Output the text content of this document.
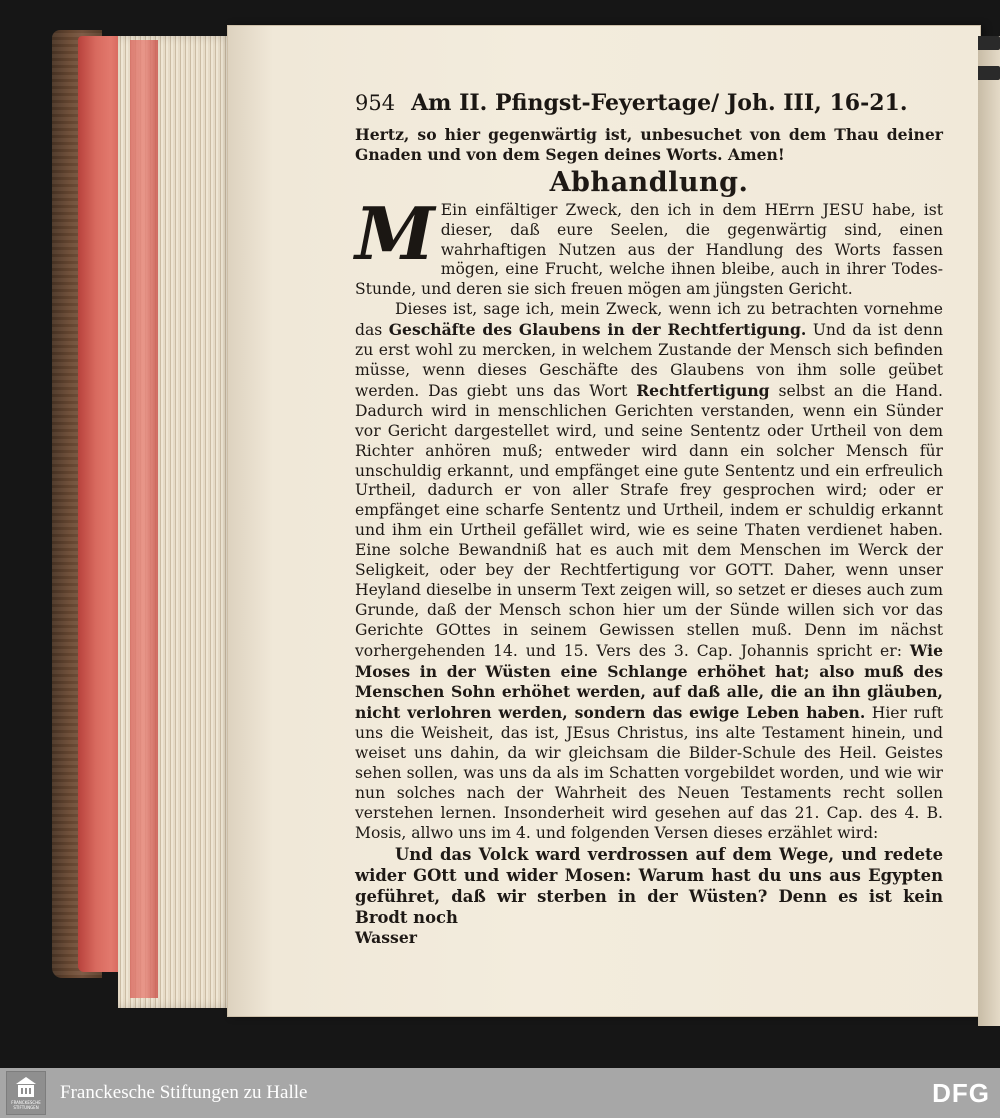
954 Am II. Pfingst-Feyertage/ Joh. III, 16-21.

Hertz, so hier gegenwärtig ist, unbesuchet von dem Thau deiner Gnaden und von dem Segen deines Worts. Amen!

Abhandlung.

M Ein einfältiger Zweck, den ich in dem HErrn JESU habe, ist dieser, daß eure Seelen, die gegenwärtig sind, einen wahrhaftigen Nutzen aus der Handlung des Worts fassen mögen, eine Frucht, welche ihnen bleibe, auch in ihrer Todes-Stunde, und deren sie sich freuen mögen am jüngsten Gericht.

Dieses ist, sage ich, mein Zweck, wenn ich zu betrachten vornehme das Geschäfte des Glaubens in der Rechtfertigung. Und da ist denn zu erst wohl zu mercken, in welchem Zustande der Mensch sich befinden müsse, wenn dieses Geschäfte des Glaubens von ihm solle geübet werden. Das giebt uns das Wort Rechtfertigung selbst an die Hand. Dadurch wird in menschlichen Gerichten verstanden, wenn ein Sünder vor Gericht dargestellet wird, und seine Sententz oder Urtheil von dem Richter anhören muß; entweder wird dann ein solcher Mensch für unschuldig erkannt, und empfänget eine gute Sententz und ein erfreulich Urtheil, dadurch er von aller Strafe frey gesprochen wird; oder er empfänget eine scharfe Sententz und Urtheil, indem er schuldig erkannt und ihm ein Urtheil gefället wird, wie es seine Thaten verdienet haben. Eine solche Bewandniß hat es auch mit dem Menschen im Werck der Seligkeit, oder bey der Rechtfertigung vor GOTT. Daher, wenn unser Heyland dieselbe in unserm Text zeigen will, so setzet er dieses auch zum Grunde, daß der Mensch schon hier um der Sünde willen sich vor das Gerichte GOttes in seinem Gewissen stellen muß. Denn im nächst vorhergehenden 14. und 15. Vers des 3. Cap. Johannis spricht er: Wie Moses in der Wüsten eine Schlange erhöhet hat; also muß des Menschen Sohn erhöhet werden, auf daß alle, die an ihn gläuben, nicht verlohren werden, sondern das ewige Leben haben. Hier ruft uns die Weisheit, das ist, JEsus Christus, ins alte Testament hinein, und weiset uns dahin, da wir gleichsam die Bilder-Schule des Heil. Geistes sehen sollen, was uns da als im Schatten vorgebildet worden, und wie wir nun solches nach der Wahrheit des Neuen Testaments recht sollen verstehen lernen. Insonderheit wird gesehen auf das 21. Cap. des 4. B. Mosis, allwo uns im 4. und folgenden Versen dieses erzählet wird:

Und das Volck ward verdrossen auf dem Wege, und redete wider GOtt und wider Mosen: Warum hast du uns aus Egypten geführet, daß wir sterben in der Wüsten? Denn es ist kein Brodt noch

Wasser

FRANCKESCHE STIFTUNGEN
Franckesche Stiftungen zu Halle	DFG
